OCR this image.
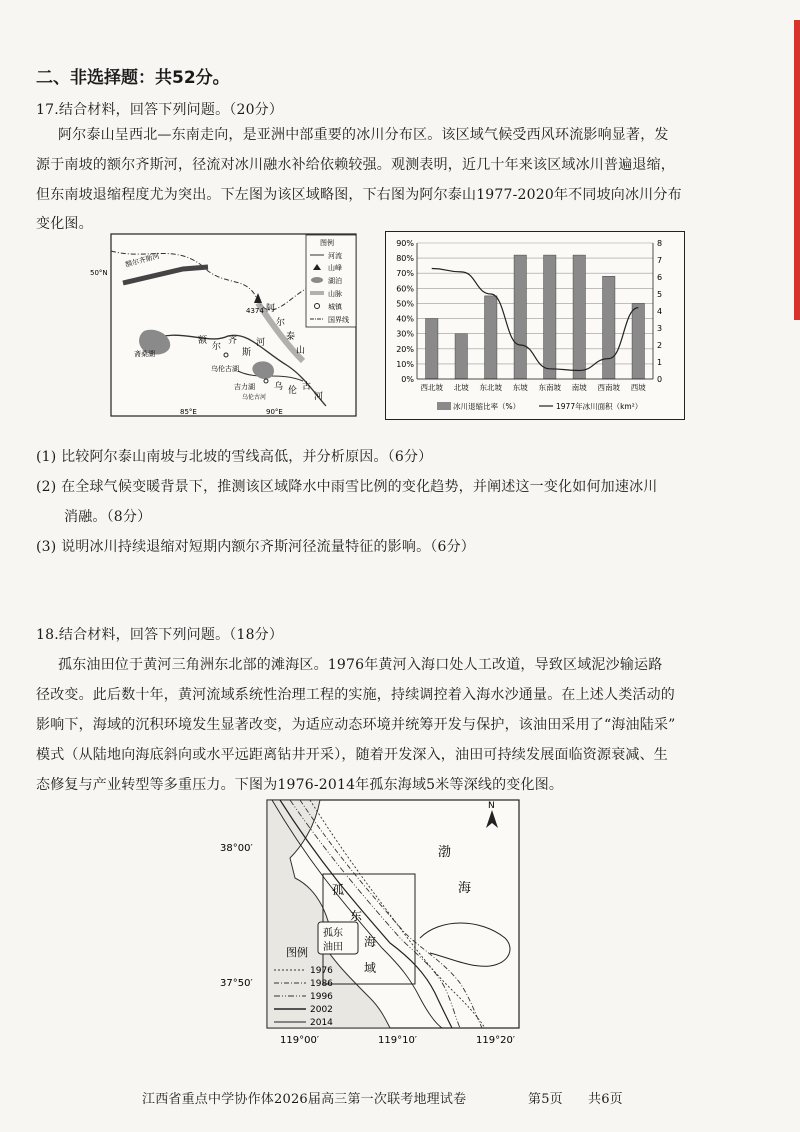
二、非选择题：共52分。
17.结合材料，回答下列问题。（20分）
阿尔泰山呈西北—东南走向，是亚洲中部重要的冰川分布区。该区域气候受西风环流影响显著，发
源于南坡的额尔齐斯河，径流对冰川融水补给依赖较强。观测表明，近几十年来该区域冰川普遍退缩，
但东南坡退缩程度尤为突出。下左图为该区域略图，下右图为阿尔泰山1977-2020年不同坡向冰川分布
变化图。
4374
50°N
85°E	90°E
额尔齐斯河
斋桑湖
乌伦古湖
吉力湖
阿
尔
泰
山
额
尔
齐
斯
河
乌 伦 古
河
乌伦古河
图例
河流
山峰
湖泊
山脉
城镇
国界线
0%
10%
20%
30%
40%
50%
60%
70%
80%
90%
0
1
2
3
4
5
6
7
8
西北坡 北坡 东北坡 东坡 东南坡 南坡 西南坡 西坡
冰川退缩比率（%）	1977年冰川面积（km²）
(1) 比较阿尔泰山南坡与北坡的雪线高低，并分析原因。（6分）
(2) 在全球气候变暖背景下，推测该区域降水中雨雪比例的变化趋势，并阐述这一变化如何加速冰川
消融。（8分）
(3) 说明冰川持续退缩对短期内额尔齐斯河径流量特征的影响。（6分）
18.结合材料，回答下列问题。（18分）
孤东油田位于黄河三角洲东北部的滩海区。1976年黄河入海口处人工改道，导致区域泥沙输运路
径改变。此后数十年，黄河流域系统性治理工程的实施，持续调控着入海水沙通量。在上述人类活动的
影响下，海域的沉积环境发生显著改变，为适应动态环境并统筹开发与保护，该油田采用了“海油陆采”
模式（从陆地向海底斜向或水平远距离钻井开采），随着开发深入，油田可持续发展面临资源衰减、生
态修复与产业转型等多重压力。下图为1976-2014年孤东海域5米等深线的变化图。
孤东
油田
孤
东
海
域
渤
海
N
38°00′
37°50′
119°00′	119°10′	119°20′
图例
1976
1986
1996
2002
2014
江西省重点中学协作体2026届高三第一次联考地理试卷	第5页 共6页
